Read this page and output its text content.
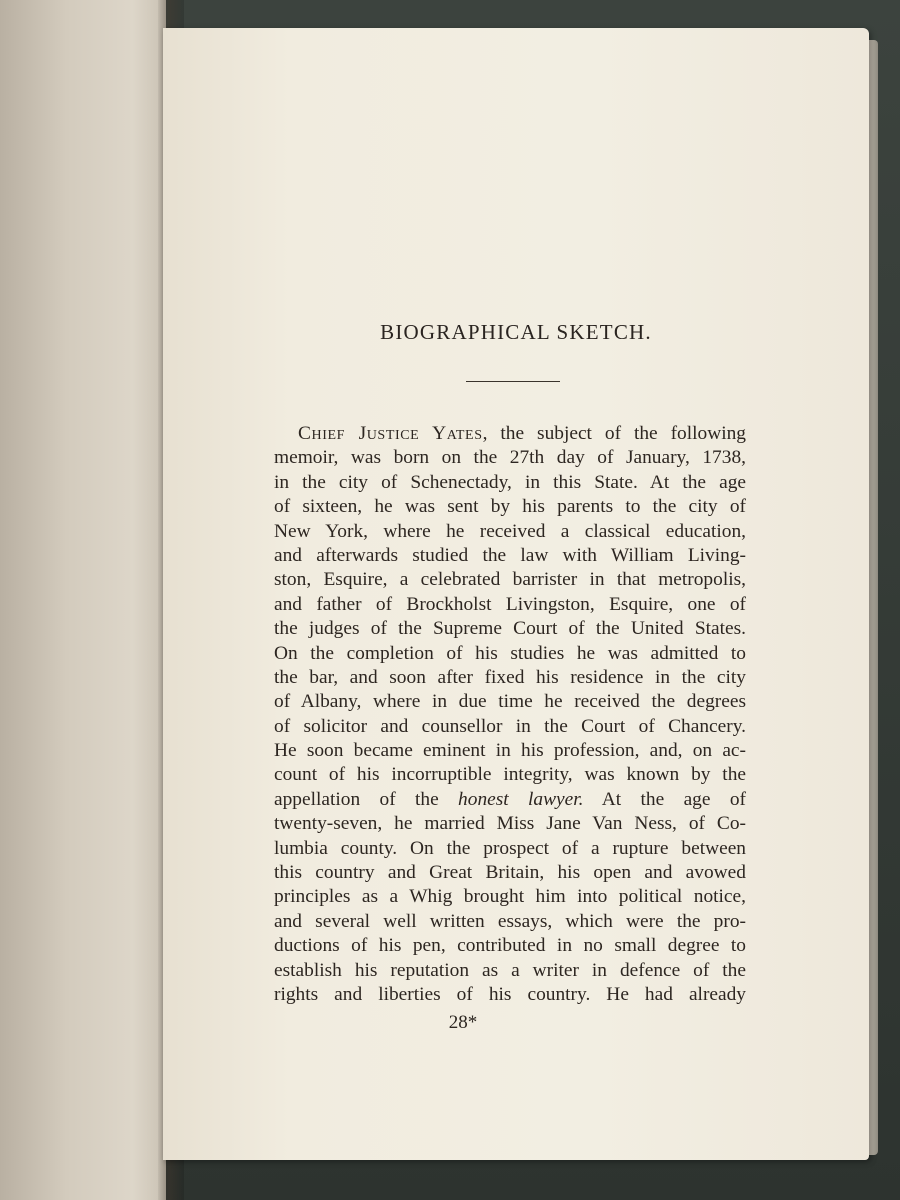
BIOGRAPHICAL SKETCH.
Chief Justice Yates, the subject of the following
memoir, was born on the 27th day of January, 1738,
in the city of Schenectady, in this State. At the age
of sixteen, he was sent by his parents to the city of
New York, where he received a classical education,
and afterwards studied the law with William Living-
ston, Esquire, a celebrated barrister in that metropolis,
and father of Brockholst Livingston, Esquire, one of
the judges of the Supreme Court of the United States.
On the completion of his studies he was admitted to
the bar, and soon after fixed his residence in the city
of Albany, where in due time he received the degrees
of solicitor and counsellor in the Court of Chancery.
He soon became eminent in his profession, and, on ac-
count of his incorruptible integrity, was known by the
appellation of the honest lawyer. At the age of
twenty-seven, he married Miss Jane Van Ness, of Co-
lumbia county. On the prospect of a rupture between
this country and Great Britain, his open and avowed
principles as a Whig brought him into political notice,
and several well written essays, which were the pro-
ductions of his pen, contributed in no small degree to
establish his reputation as a writer in defence of the
rights and liberties of his country. He had already
28*
